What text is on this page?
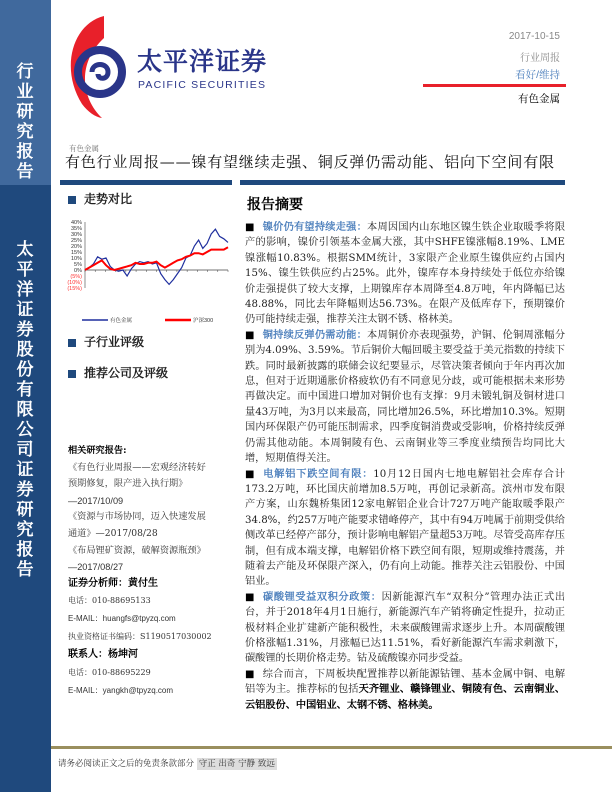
行业研究报告
太平洋证券股份有限公司证券研究报告
太平洋证券
PACIFIC SECURITIES
2017-10-15
行业周报
看好/维持
有色金属
有色金属
有色行业周报——镍有望继续走强、铜反弹仍需动能、铝向下空间有限
走势对比
40%
35%
30%
25%
20%
15%
10%
5%
0%
(5%)
(10%)
(15%)
有色金属	沪深300
子行业评级
推荐公司及评级
相关研究报告:
《有色行业周报——宏观经济转好
预期修复，限产进入执行期》
—2017/10/09
《资源与市场协同，迈入快速发展
通道》—2017/08/28
《布局锂矿资源，破解资源瓶颈》
—2017/08/27
证券分析师：黄付生
电话：010-88695133
E-MAIL：huangfs@tpyzq.com
执业资格证书编码：S1190517030002
联系人：杨坤河
电话：010-88695229
E-MAIL：yangkh@tpyzq.com
报告摘要

■ 镍价仍有望持续走强：本周因国内山东地区镍生铁企业取暖季将限产的影响，镍价引领基本金属大涨，其中SHFE镍涨幅8.19%、LME镍涨幅10.83%。根据SMM统计，3家限产企业原生镍供应约占国内15%、镍生铁供应约占25%。此外，镍库存本身持续处于低位亦给镍价走强提供了较大支撑，上期镍库存本周降至4.8万吨，年内降幅已达48.88%，同比去年降幅则达56.73%。在限产及低库存下，预期镍价仍可能持续走强，推荐关注太钢不锈、格林美。

■ 铜持续反弹仍需动能：本周铜价亦表现强势，沪铜、伦铜周涨幅分别为4.09%、3.59%。节后铜价大幅回暖主要受益于美元指数的持续下跌。同时最新披露的联储会议纪要显示，尽管决策者倾向于年内再次加息，但对于近期通胀价格疲软仍有不同意见分歧，或可能根据未来形势再做决定。而中国进口增加对铜价也有支撑：9月未锻轧铜及铜材进口量43万吨，为3月以来最高，同比增加26.5%，环比增加10.3%。短期国内环保限产仍可能压制需求，四季度铜消费或受影响，价格持续反弹仍需其他动能。本周铜陵有色、云南铜业等三季度业绩预告均同比大增，短期值得关注。

■ 电解铝下跌空间有限：10月12日国内七地电解铝社会库存合计173.2万吨，环比国庆前增加8.5万吨，再创记录新高。滨州市发布限产方案，山东魏桥集团12家电解铝企业合计727万吨产能取暖季限产34.8%，约257万吨产能要求错峰停产，其中有94万吨属于前期受供给侧改革已经停产部分，预计影响电解铝产量超53万吨。尽管受高库存压制，但有成本端支撑，电解铝价格下跌空间有限，短期或维持震荡，并随着去产能及环保限产深入，仍有向上动能。推荐关注云铝股份、中国铝业。

■ 碳酸锂受益双积分政策：因新能源汽车“双积分”管理办法正式出台，并于2018年4月1日施行，新能源汽车产销将确定性提升，拉动正极材料企业扩建新产能积极性，未来碳酸锂需求逐步上升。本周碳酸锂价格涨幅1.31%，月涨幅已达11.51%，看好新能源汽车需求刺激下，碳酸锂的长期价格走势。钴及硫酸镍亦同步受益。

■ 综合而言，下周板块配置推荐以新能源钴锂、基本金属中铜、电解铝等为主。推荐标的包括天齐锂业、赣锋锂业、铜陵有色、云南铜业、云铝股份、中国铝业、太钢不锈、格林美。

请务必阅读正文之后的免责条款部分 守正 出奇 宁静 致远
